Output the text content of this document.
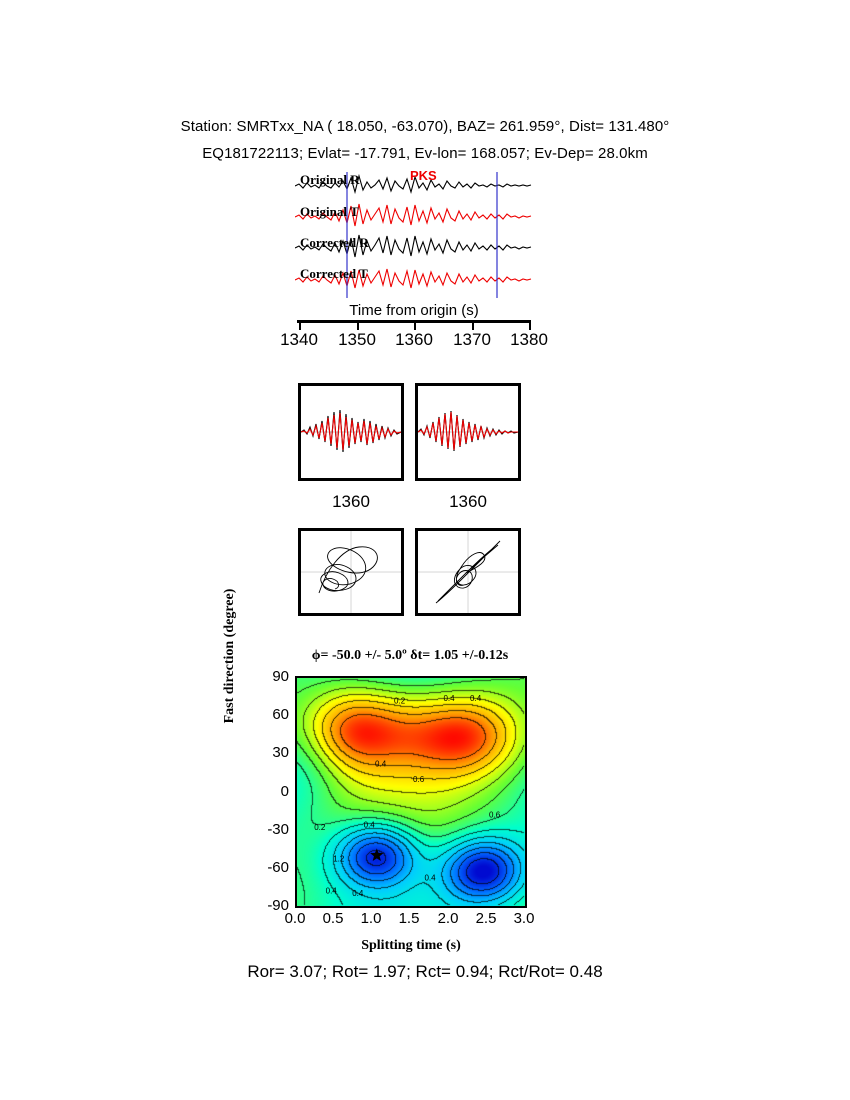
Station: SMRTxx_NA ( 18.050, -63.070), BAZ= 261.959°, Dist= 131.480°
EQ181722113; Evlat= -17.791, Ev-lon= 168.057; Ev-Dep= 28.0km
Original R
Original T
Corrected R
Corrected T
PKS
Time from origin (s)
1340	1350	1360	1370	1380
1360	1360
ϕ= -50.0 +/- 5.0º δt= 1.05 +/-0.12s
0.2
1.2
0.4
0.4 0.4
0.2	0.4 0.4
0.6
0.4
0.6
0.4
Fast direction (degree)	90
60
30
0
-30
-60
-90
0.0	0.5	1.0	1.5	2.0	2.5	3.0
Splitting time (s)
Ror= 3.07; Rot= 1.97; Rct= 0.94; Rct/Rot= 0.48
